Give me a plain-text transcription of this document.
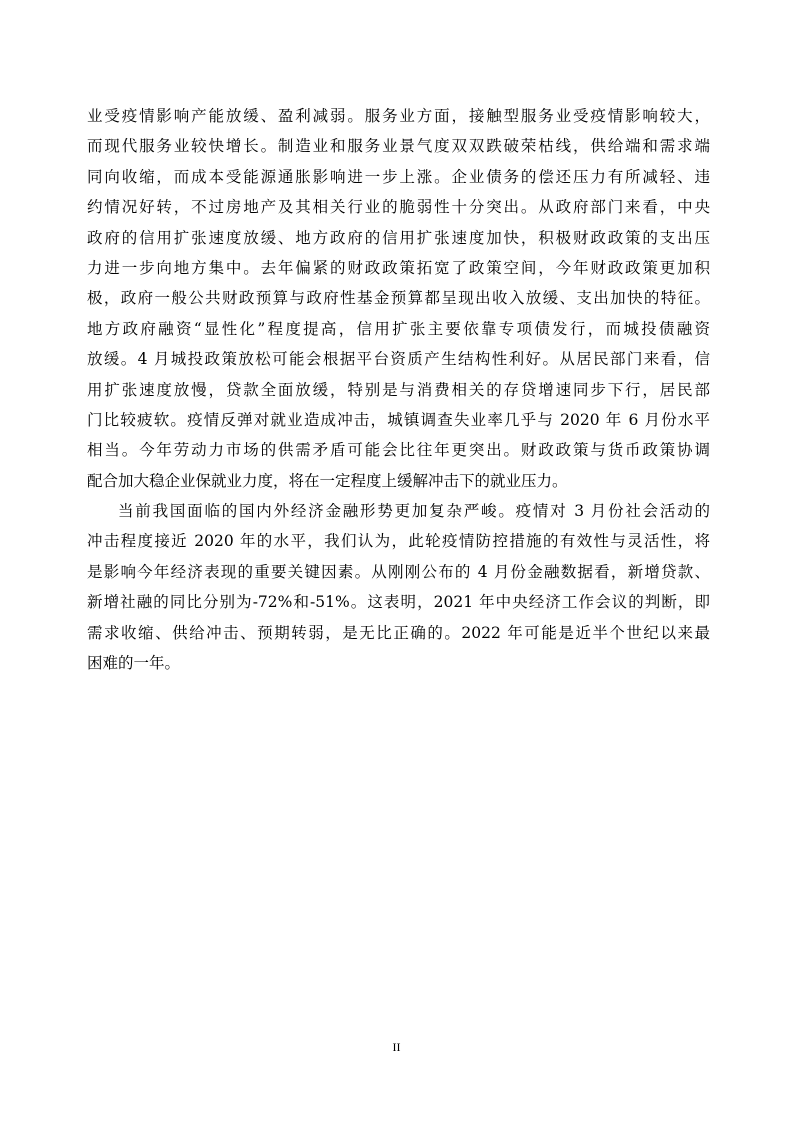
业受疫情影响产能放缓、盈利减弱。服务业方面，接触型服务业受疫情影响较大，
而现代服务业较快增长。制造业和服务业景气度双双跌破荣枯线，供给端和需求端
同向收缩，而成本受能源通胀影响进一步上涨。企业债务的偿还压力有所减轻、违
约情况好转，不过房地产及其相关行业的脆弱性十分突出。从政府部门来看，中央
政府的信用扩张速度放缓、地方政府的信用扩张速度加快，积极财政政策的支出压
力进一步向地方集中。去年偏紧的财政政策拓宽了政策空间，今年财政政策更加积
极，政府一般公共财政预算与政府性基金预算都呈现出收入放缓、支出加快的特征。
地方政府融资“显性化”程度提高，信用扩张主要依靠专项债发行，而城投债融资
放缓。4 月城投政策放松可能会根据平台资质产生结构性利好。从居民部门来看，信
用扩张速度放慢，贷款全面放缓，特别是与消费相关的存贷增速同步下行，居民部
门比较疲软。疫情反弹对就业造成冲击，城镇调查失业率几乎与 2020 年 6 月份水平
相当。今年劳动力市场的供需矛盾可能会比往年更突出。财政政策与货币政策协调
配合加大稳企业保就业力度，将在一定程度上缓解冲击下的就业压力。
当前我国面临的国内外经济金融形势更加复杂严峻。疫情对 3 月份社会活动的
冲击程度接近 2020 年的水平，我们认为，此轮疫情防控措施的有效性与灵活性，将
是影响今年经济表现的重要关键因素。从刚刚公布的 4 月份金融数据看，新增贷款、
新增社融的同比分别为-72%和-51%。这表明，2021 年中央经济工作会议的判断，即
需求收缩、供给冲击、预期转弱，是无比正确的。2022 年可能是近半个世纪以来最
困难的一年。
II
